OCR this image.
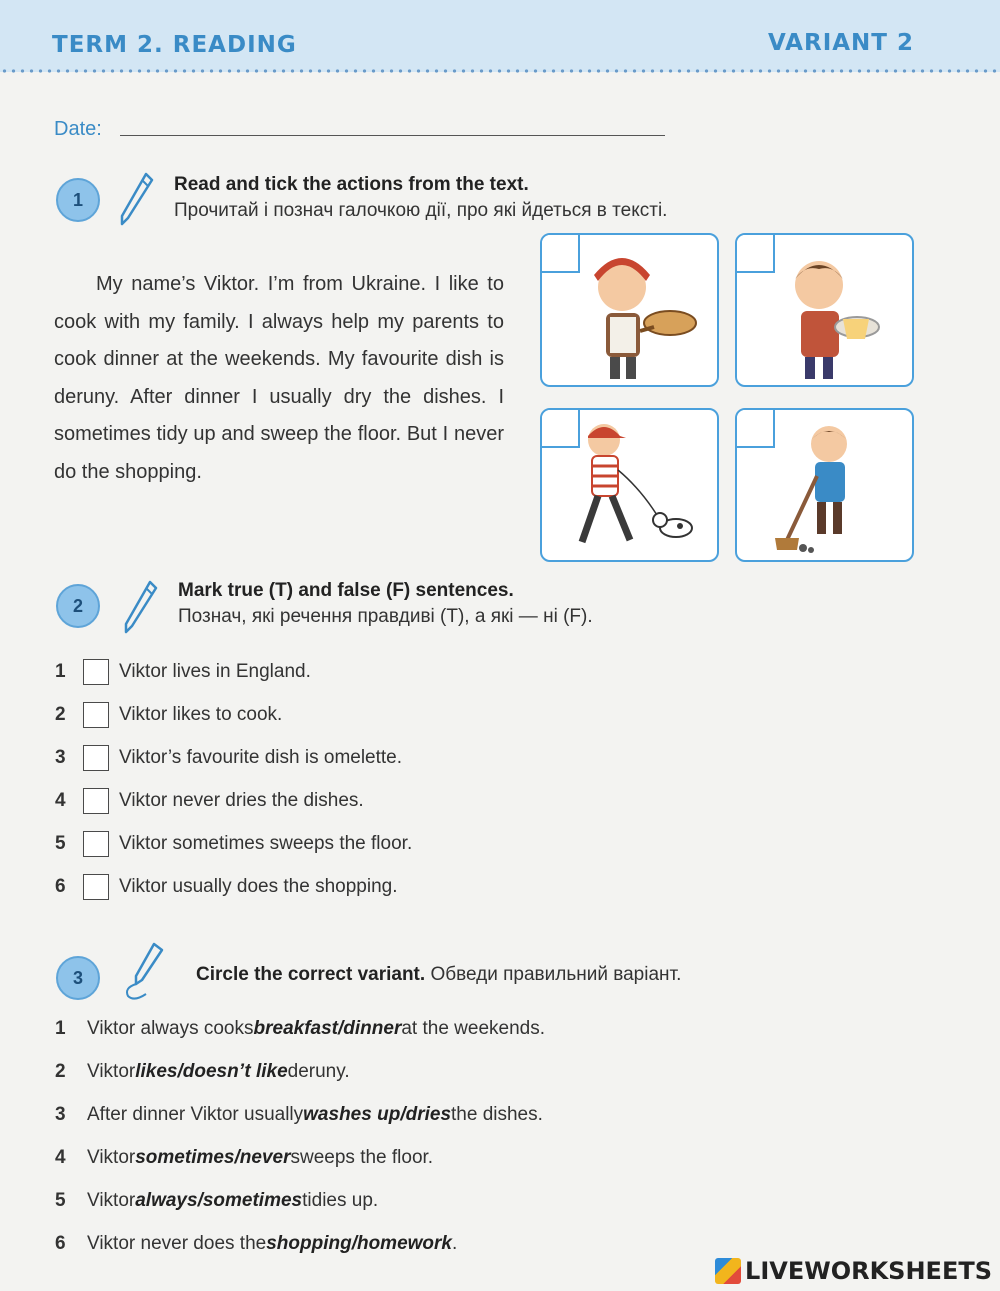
TERM 2. READING	VARIANT 2
Date:
1
Read and tick the actions from the text.
Прочитай і познач галочкою дії, про які йдеться в тексті.

My name’s Viktor. I’m from Ukraine. I like to cook with my family. I always help my parents to cook dinner at the weekends. My favourite dish is deruny. After dinner I usually dry the dishes. I sometimes tidy up and sweep the floor. But I never do the shopping.

2
Mark true (T) and false (F) sentences.
Познач, які речення правдиві (T), а які — ні (F).
1	Viktor lives in England.
2	Viktor likes to cook.
3	Viktor’s favourite dish is omelette.
4	Viktor never dries the dishes.
5	Viktor sometimes sweeps the floor.
6	Viktor usually does the shopping.
3	Circle the correct variant. Обведи правильний варіант.
1	Viktor always cooks breakfast / dinner at the weekends.
2	Viktor likes / doesn’t like deruny.
3	After dinner Viktor usually washes up / dries the dishes.
4	Viktor sometimes / never sweeps the floor.
5	Viktor always / sometimes tidies up.
6	Viktor never does the shopping / homework .
LIVEWORKSHEETS
